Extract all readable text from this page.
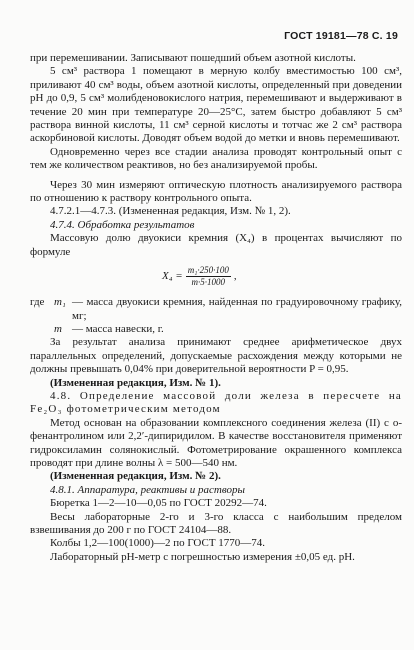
ГОСТ 19181—78 С. 19

при перемешивании. Записывают пошедший объем азотной кислоты.

5 см³ раствора 1 помещают в мерную колбу вместимостью 100 см³, приливают 40 см³ воды, объем азотной кислоты, определенный при доведении рН до 0,9, 5 см³ молибденовокислого натрия, перемешивают и выдерживают в течение 20 мин при температуре 20—25°С, затем быстро добавляют 5 см³ раствора винной кислоты, 11 см³ серной кислоты и тотчас же 2 см³ раствора аскорбиновой кислоты. Доводят объем водой до метки и вновь перемешивают.

Одновременно через все стадии анализа проводят контрольный опыт с тем же количеством реактивов, но без анализируемой пробы.

Через 30 мин измеряют оптическую плотность анализируемого раствора по отношению к раствору контрольного опыта.

4.7.2.1—4.7.3. (Измененная редакция, Изм. № 1, 2).

4.7.4. Обработка результатов

Массовую долю двуокиси кремния (X₄) в процентах вычисляют по формуле

$X_4 = \frac{\text{m₁·250·100}}{m\cdot 5\cdot 1000}$ ,
где m₁ — масса двуокиси кремния, найденная по градуировочному графику, мг;
m — масса навески, г.

За результат анализа принимают среднее арифметическое двух параллельных определений, допускаемые расхождения между которыми не должны превышать 0,04% при доверительной вероятности P = 0,95.

(Измененная редакция, Изм. № 1).

4.8. Определение массовой доли железа в пересчете на Fe₂O₃ фотометрическим методом

Метод основан на образовании комплексного соединения железа (II) с о-фенантролином или 2,2′-дипиридилом. В качестве восстановителя применяют гидроксиламин солянокислый. Фотометрирование окрашенного комплекса проводят при длине волны λ = 500—540 нм.

(Измененная редакция, Изм. № 2).

4.8.1. Аппаратура, реактивы и растворы

Бюретка 1—2—10—0,05 по ГОСТ 20292—74.

Весы лабораторные 2-го и 3-го класса с наибольшим пределом взвешивания до 200 г по ГОСТ 24104—88.

Колбы 1,2—100(1000)—2 по ГОСТ 1770—74.

Лабораторный рН-метр с погрешностью измерения ±0,05 ед. рН.
